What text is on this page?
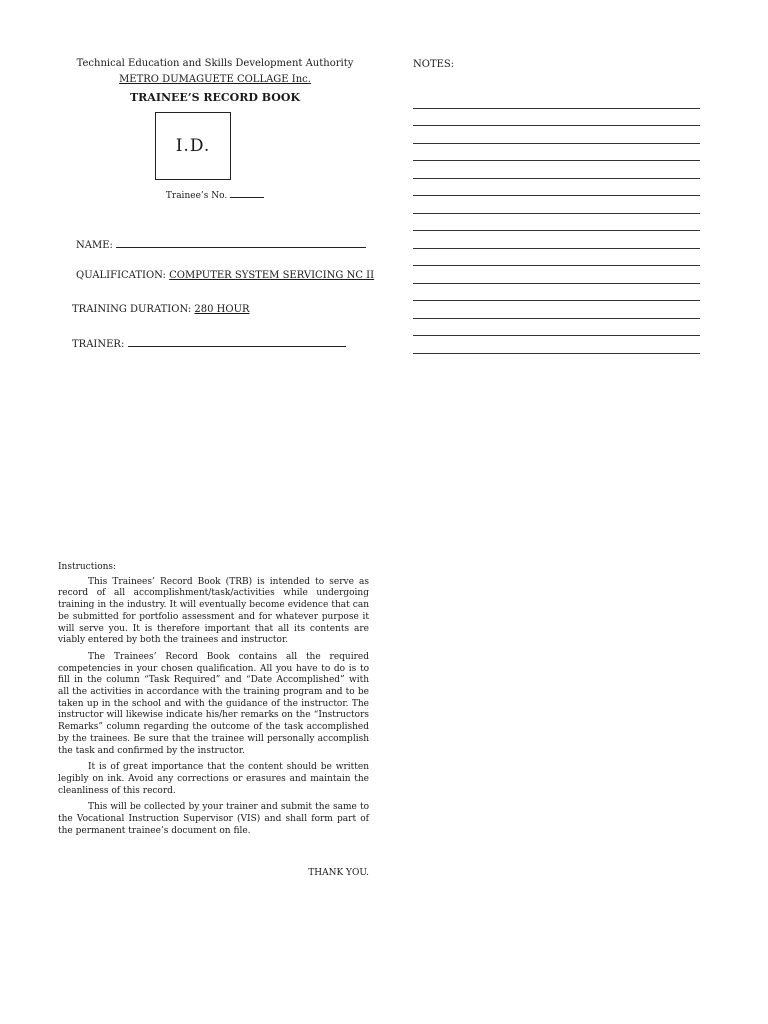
Technical Education and Skills Development Authority
METRO DUMAGUETE COLLAGE Inc.
TRAINEE’S RECORD BOOK
I.D.
Trainee’s No.
NAME:
QUALIFICATION: COMPUTER SYSTEM SERVICING NC II
TRAINING DURATION: 280 HOUR
TRAINER:
NOTES:
Instructions:

This Trainees’ Record Book (TRB) is intended to serve as record of all accomplishment/task/activities while undergoing training in the industry. It will eventually become evidence that can be submitted for portfolio assessment and for whatever purpose it will serve you. It is therefore important that all its contents are viably entered by both the trainees and instructor.

The Trainees’ Record Book contains all the required competencies in your chosen qualification. All you have to do is to fill in the column “Task Required” and “Date Accomplished” with all the activities in accordance with the training program and to be taken up in the school and with the guidance of the instructor. The instructor will likewise indicate his/her remarks on the “Instructors Remarks” column regarding the outcome of the task accomplished by the trainees. Be sure that the trainee will personally accomplish the task and confirmed by the instructor.

It is of great importance that the content should be written legibly on ink. Avoid any corrections or erasures and maintain the cleanliness of this record.

This will be collected by your trainer and submit the same to the Vocational Instruction Supervisor (VIS) and shall form part of the permanent trainee’s document on file.

THANK YOU.
